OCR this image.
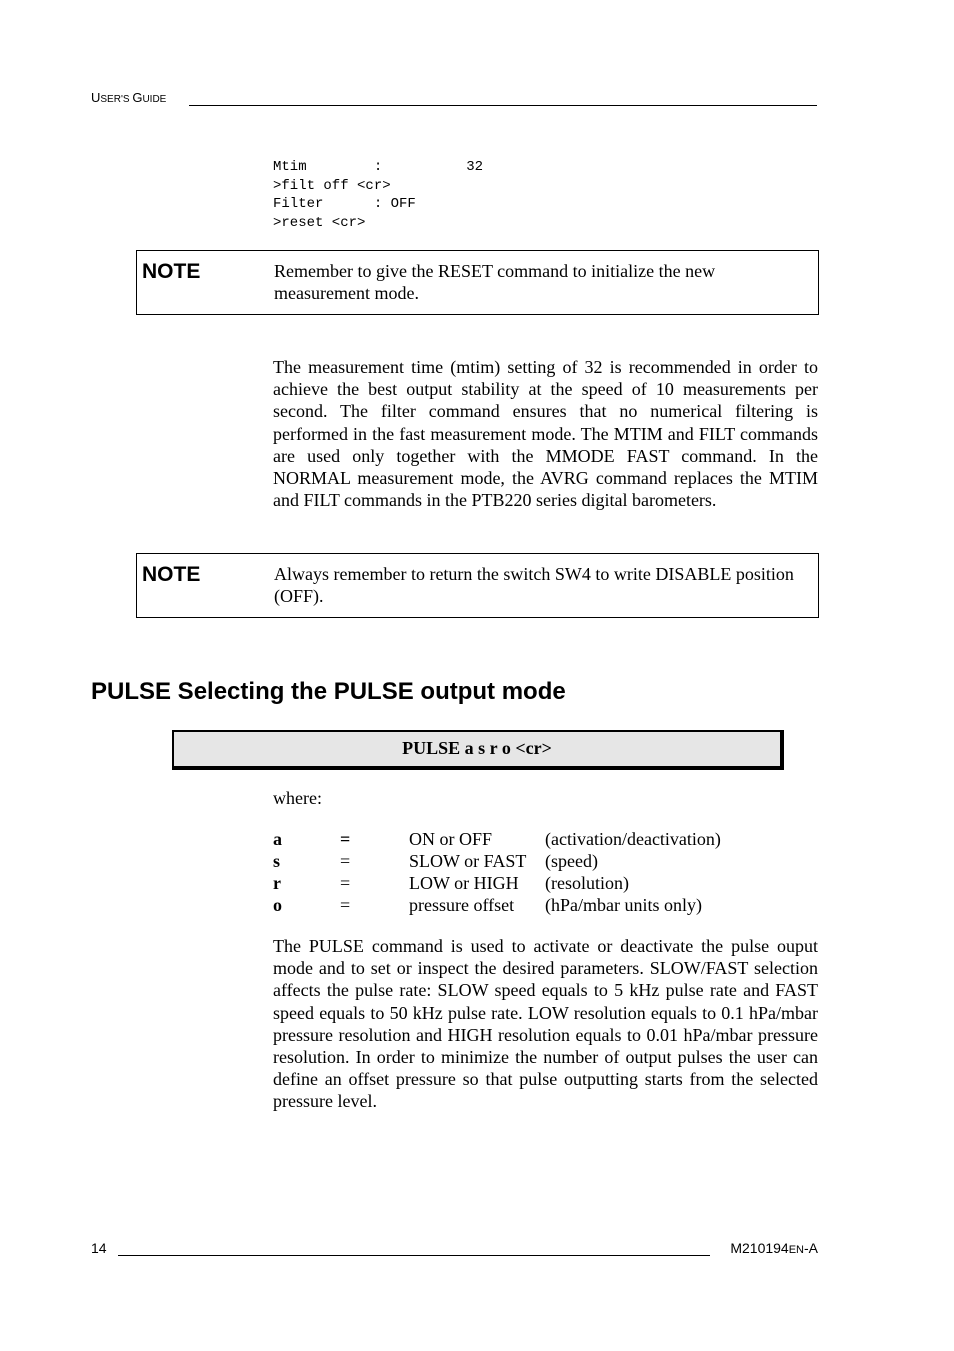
USER'S GUIDE
Mtim        :          32
>filt off <cr>
Filter      : OFF
>reset <cr>
NOTE	Remember to give the RESET command to initialize the new measurement mode.
The measurement time (mtim) setting of 32 is recommended in order to achieve the best output stability at the speed of 10 measurements per second. The filter command ensures that no numerical filtering is performed in the fast measurement mode. The MTIM and FILT commands are used only together with the MMODE FAST command. In the NORMAL measurement mode, the AVRG command replaces the MTIM and FILT commands in the PTB220 series digital barometers.
NOTE	Always remember to return the switch SW4 to write DISABLE position (OFF).
PULSE Selecting the PULSE output mode
PULSE a s r o <cr>
where:
a	=	ON or OFF	(activation/deactivation)
s	=	SLOW or FAST (speed)
r	=	LOW or HIGH (resolution)
o	=	pressure offset (hPa/mbar units only)
The PULSE command is used to activate or deactivate the pulse ouput mode and to set or inspect the desired parameters. SLOW/FAST selection affects the pulse rate: SLOW speed equals to 5 kHz pulse rate and FAST speed equals to 50 kHz pulse rate. LOW resolution equals to 0.1 hPa/mbar pressure resolution and HIGH resolution equals to 0.01 hPa/mbar pressure resolution. In order to minimize the number of output pulses the user can define an offset pressure so that pulse outputting starts from the selected pressure level.
14	M210194EN-A
